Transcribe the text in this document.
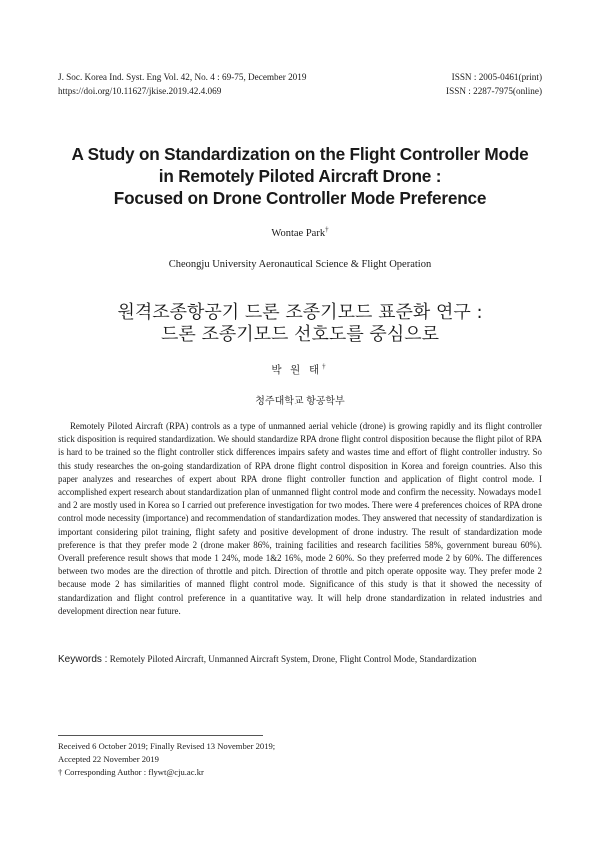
J. Soc. Korea Ind. Syst. Eng Vol. 42, No. 4 : 69-75, December 2019	ISSN : 2005-0461(print)
https://doi.org/10.11627/jkise.2019.42.4.069	ISSN : 2287-7975(online)
A Study on Standardization on the Flight Controller Mode
in Remotely Piloted Aircraft Drone :
Focused on Drone Controller Mode Preference
Wontae Park†
Cheongju University Aeronautical Science & Flight Operation
원격조종항공기 드론 조종기모드 표준화 연구 :
드론 조종기모드 선호도를 중심으로
박 원 태†
청주대학교 항공학부
Remotely Piloted Aircraft (RPA) controls as a type of unmanned aerial vehicle (drone) is growing rapidly and its flight controller stick disposition is required standardization. We should standardize RPA drone flight control disposition because the flight pilot of RPA is hard to be trained so the flight controller stick differences impairs safety and wastes time and effort of flight controller industry. So this study researches the on-going standardization of RPA drone flight control disposition in Korea and foreign countries. Also this paper analyzes and researches of expert about RPA drone flight controller function and application of flight control mode. I accomplished expert research about standardization plan of unmanned flight control mode and confirm the necessity. Nowadays mode1 and 2 are mostly used in Korea so I carried out preference investigation for two modes. There were 4 preferences choices of RPA drone control mode necessity (importance) and recommendation of standardization modes. They answered that necessity of standardization is important considering pilot training, flight safety and positive development of drone industry. The result of standardization mode preference is that they prefer mode 2 (drone maker 86%, training facilities and research facilities 58%, government bureau 60%). Overall preference result shows that mode 1 24%, mode 1&2 16%, mode 2 60%. So they preferred mode 2 by 60%. The differences between two modes are the direction of throttle and pitch. Direction of throttle and pitch operate opposite way. They prefer mode 2 because mode 2 has similarities of manned flight control mode. Significance of this study is that it showed the necessity of standardization and flight control preference in a quantitative way. It will help drone standardization in related industries and development direction near future.
Keywords : Remotely Piloted Aircraft, Unmanned Aircraft System, Drone, Flight Control Mode, Standardization
Received 6 October 2019; Finally Revised 13 November 2019;
Accepted 22 November 2019
† Corresponding Author : flywt@cju.ac.kr
